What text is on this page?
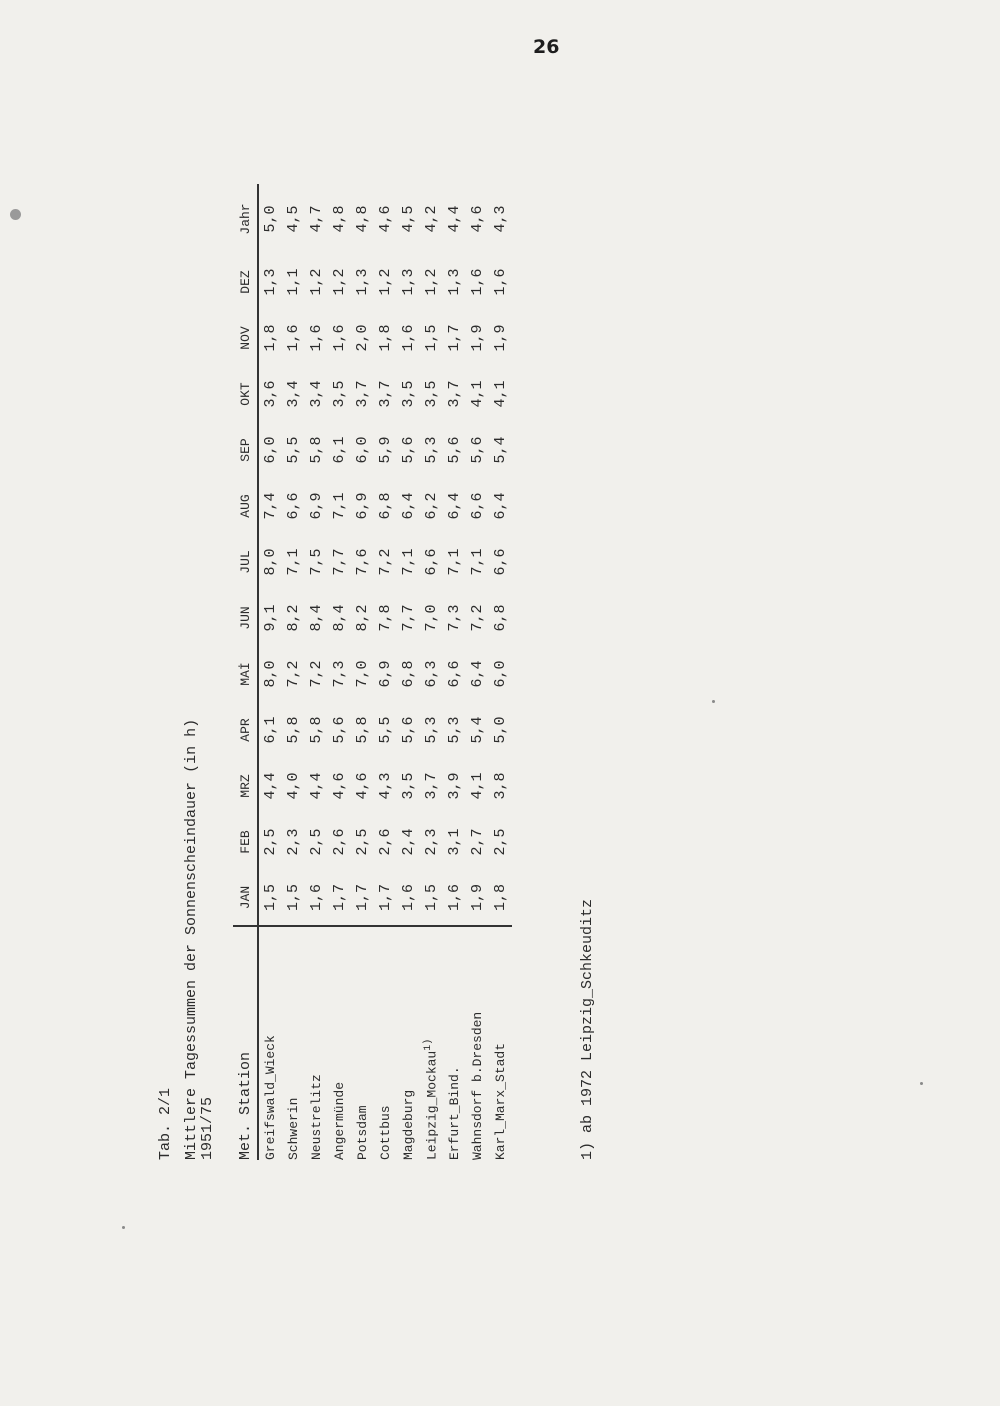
26
Tab. 2/1 Mittlere Tagessummen der Sonnenscheindauer (in h) 1951/75 Met. Station	JAN	FEB	MRZ	APR	MAİ	JUN	JUL	AUG	SEP	OKT	NOV	DEZ	Jahr
Greifswald_Wieck	1,5	2,5	4,4	6,1	8,0	9,1	8,0	7,4	6,0	3,6	1,8	1,3	5,0
Schwerin	1,5	2,3	4,0	5,8	7,2	8,2	7,1	6,6	5,5	3,4	1,6	1,1	4,5
Neustrelitz	1,6	2,5	4,4	5,8	7,2	8,4	7,5	6,9	5,8	3,4	1,6	1,2	4,7
Angermünde	1,7	2,6	4,6	5,6	7,3	8,4	7,7	7,1	6,1	3,5	1,6	1,2	4,8
Potsdam	1,7	2,5	4,6	5,8	7,0	8,2	7,6	6,9	6,0	3,7	2,0	1,3	4,8
Cottbus	1,7	2,6	4,3	5,5	6,9	7,8	7,2	6,8	5,9	3,7	1,8	1,2	4,6
Magdeburg	1,6	2,4	3,5	5,6	6,8	7,7	7,1	6,4	5,6	3,5	1,6	1,3	4,5
Leipzig_Mockau$^{1)}$	1,5	2,3	3,7	5,3	6,3	7,0	6,6	6,2	5,3	3,5	1,5	1,2	4,2
Erfurt_Bind.	1,6	3,1	3,9	5,3	6,6	7,3	7,1	6,4	5,6	3,7	1,7	1,3	4,4
Wahnsdorf b.Dresden	1,9	2,7	4,1	5,4	6,4	7,2	7,1	6,6	5,6	4,1	1,9	1,6	4,6
Karl_Marx_Stadt	1,8	2,5	3,8	5,0	6,0	6,8	6,6	6,4	5,4	4,1	1,9	1,6	4,3
1) ab 1972 Leipzig_Schkeuditz
